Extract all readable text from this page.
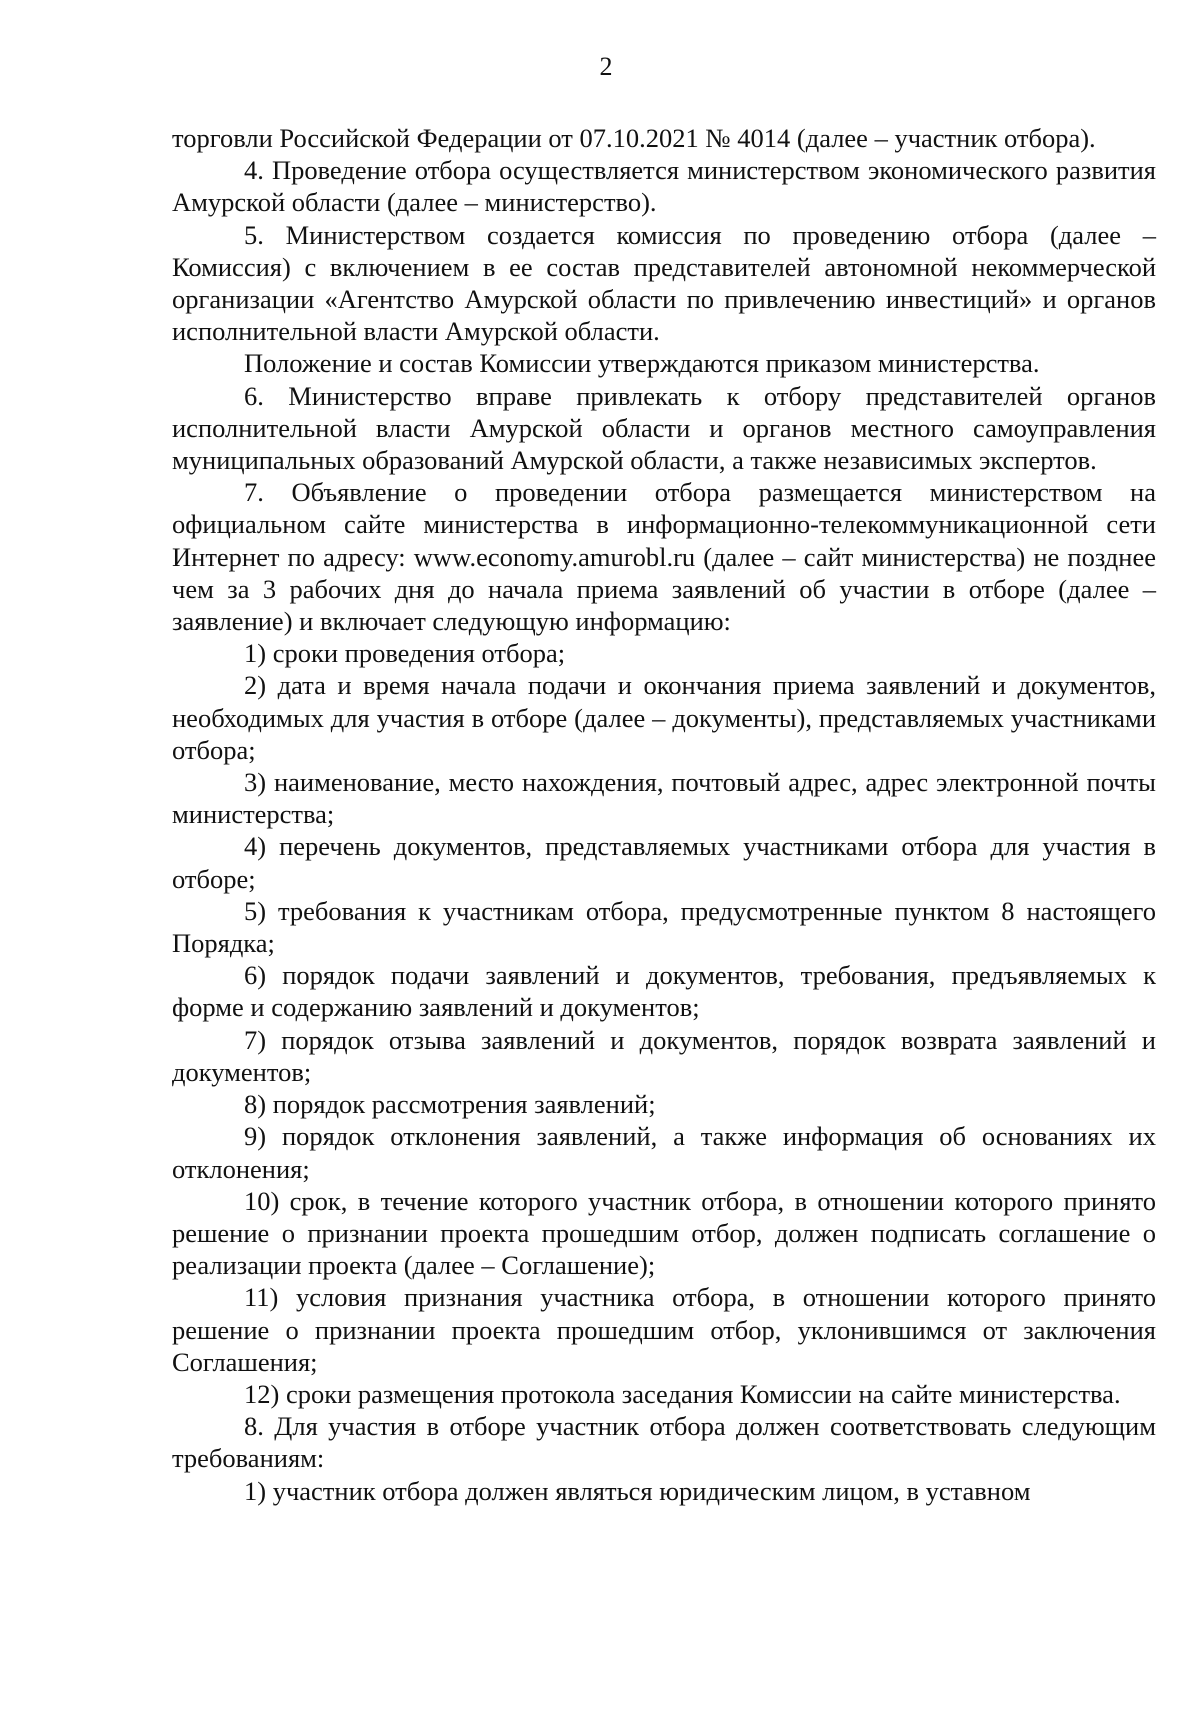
2

торговли Российской Федерации от 07.10.2021 № 4014 (далее – участник отбора).

4. Проведение отбора осуществляется министерством экономического развития Амурской области (далее – министерство).

5. Министерством создается комиссия по проведению отбора (далее – Комиссия) с включением в ее состав представителей автономной некоммерческой организации «Агентство Амурской области по привлечению инвестиций» и органов исполнительной власти Амурской области.

Положение и состав Комиссии утверждаются приказом министерства.

6. Министерство вправе привлекать к отбору представителей органов исполнительной власти Амурской области и органов местного самоуправления муниципальных образований Амурской области, а также независимых экспертов.

7. Объявление о проведении отбора размещается министерством на официальном сайте министерства в информационно-телекоммуникационной сети Интернет по адресу: www.economy.amurobl.ru (далее – сайт министерства) не позднее чем за 3 рабочих дня до начала приема заявлений об участии в отборе (далее – заявление) и включает следующую информацию:

1) сроки проведения отбора;

2) дата и время начала подачи и окончания приема заявлений и документов, необходимых для участия в отборе (далее – документы), представляемых участниками отбора;

3) наименование, место нахождения, почтовый адрес, адрес электронной почты министерства;

4) перечень документов, представляемых участниками отбора для участия в отборе;

5) требования к участникам отбора, предусмотренные пунктом 8 настоящего Порядка;

6) порядок подачи заявлений и документов, требования, предъявляемых к форме и содержанию заявлений и документов;

7) порядок отзыва заявлений и документов, порядок возврата заявлений и документов;

8) порядок рассмотрения заявлений;

9) порядок отклонения заявлений, а также информация об основаниях их отклонения;

10) срок, в течение которого участник отбора, в отношении которого принято решение о признании проекта прошедшим отбор, должен подписать соглашение о реализации проекта (далее – Соглашение);

11) условия признания участника отбора, в отношении которого принято решение о признании проекта прошедшим отбор, уклонившимся от заключения Соглашения;

12) сроки размещения протокола заседания Комиссии на сайте министерства.

8. Для участия в отборе участник отбора должен соответствовать следующим требованиям:

1) участник отбора должен являться юридическим лицом, в уставном
